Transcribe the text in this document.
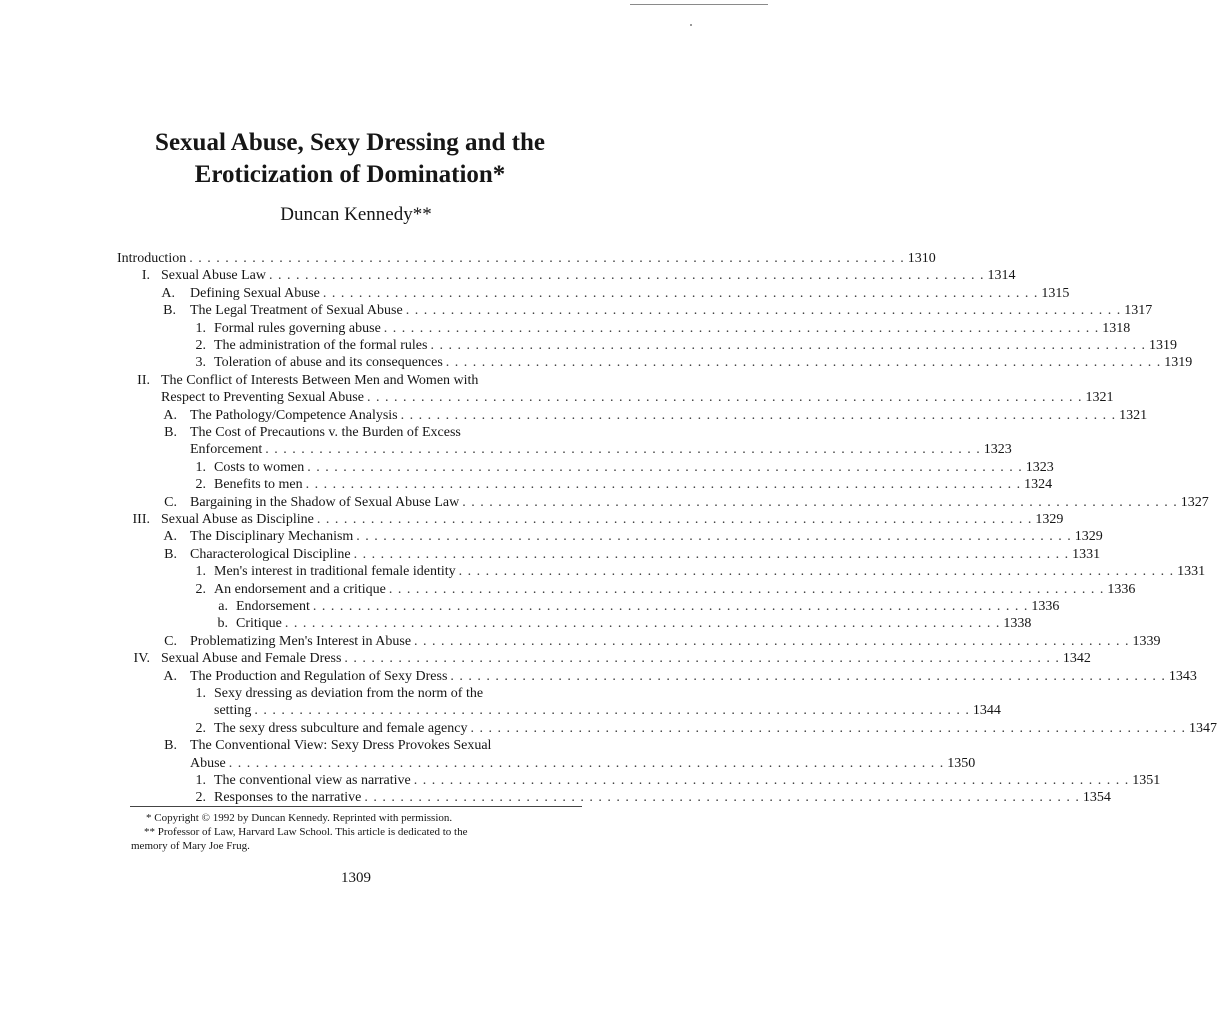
Sexual Abuse, Sexy Dressing and the
Eroticization of Domination*
Duncan Kennedy**
Introduction . . . . . . . . . . . . . . . . . . . . . . . . . . . . . . . . . . . . . . . . . . . . . . . . . . . . . . . . . . . . . . . . . . . . . . . . . . . . . . . . 1310
I. Sexual Abuse Law . . . . . . . . . . . . . . . . . . . . . . . . . . . . . . . . . . . . . . . . . . . . . . . . . . . . . . . . . . . . . . . . . . . . . . . . . . . . . . . . 1314
A. Defining Sexual Abuse . . . . . . . . . . . . . . . . . . . . . . . . . . . . . . . . . . . . . . . . . . . . . . . . . . . . . . . . . . . . . . . . . . . . . . . . . . . . . . . . 1315
B. The Legal Treatment of Sexual Abuse . . . . . . . . . . . . . . . . . . . . . . . . . . . . . . . . . . . . . . . . . . . . . . . . . . . . . . . . . . . . . . . . . . . . . . . . . . . . . . . . 1317
1. Formal rules governing abuse . . . . . . . . . . . . . . . . . . . . . . . . . . . . . . . . . . . . . . . . . . . . . . . . . . . . . . . . . . . . . . . . . . . . . . . . . . . . . . . . 1318
2. The administration of the formal rules . . . . . . . . . . . . . . . . . . . . . . . . . . . . . . . . . . . . . . . . . . . . . . . . . . . . . . . . . . . . . . . . . . . . . . . . . . . . . . . . 1319
3. Toleration of abuse and its consequences . . . . . . . . . . . . . . . . . . . . . . . . . . . . . . . . . . . . . . . . . . . . . . . . . . . . . . . . . . . . . . . . . . . . . . . . . . . . . . . . 1319
II. The Conflict of Interests Between Men and Women with
Respect to Preventing Sexual Abuse . . . . . . . . . . . . . . . . . . . . . . . . . . . . . . . . . . . . . . . . . . . . . . . . . . . . . . . . . . . . . . . . . . . . . . . . . . . . . . . . 1321
A. The Pathology/Competence Analysis . . . . . . . . . . . . . . . . . . . . . . . . . . . . . . . . . . . . . . . . . . . . . . . . . . . . . . . . . . . . . . . . . . . . . . . . . . . . . . . . 1321
B. The Cost of Precautions v. the Burden of Excess
Enforcement . . . . . . . . . . . . . . . . . . . . . . . . . . . . . . . . . . . . . . . . . . . . . . . . . . . . . . . . . . . . . . . . . . . . . . . . . . . . . . . . 1323
1. Costs to women . . . . . . . . . . . . . . . . . . . . . . . . . . . . . . . . . . . . . . . . . . . . . . . . . . . . . . . . . . . . . . . . . . . . . . . . . . . . . . . . 1323
2. Benefits to men . . . . . . . . . . . . . . . . . . . . . . . . . . . . . . . . . . . . . . . . . . . . . . . . . . . . . . . . . . . . . . . . . . . . . . . . . . . . . . . . 1324
C. Bargaining in the Shadow of Sexual Abuse Law . . . . . . . . . . . . . . . . . . . . . . . . . . . . . . . . . . . . . . . . . . . . . . . . . . . . . . . . . . . . . . . . . . . . . . . . . . . . . . . . 1327
III. Sexual Abuse as Discipline . . . . . . . . . . . . . . . . . . . . . . . . . . . . . . . . . . . . . . . . . . . . . . . . . . . . . . . . . . . . . . . . . . . . . . . . . . . . . . . . 1329
A. The Disciplinary Mechanism . . . . . . . . . . . . . . . . . . . . . . . . . . . . . . . . . . . . . . . . . . . . . . . . . . . . . . . . . . . . . . . . . . . . . . . . . . . . . . . . 1329
B. Characterological Discipline . . . . . . . . . . . . . . . . . . . . . . . . . . . . . . . . . . . . . . . . . . . . . . . . . . . . . . . . . . . . . . . . . . . . . . . . . . . . . . . . 1331
1. Men's interest in traditional female identity . . . . . . . . . . . . . . . . . . . . . . . . . . . . . . . . . . . . . . . . . . . . . . . . . . . . . . . . . . . . . . . . . . . . . . . . . . . . . . . . 1331
2. An endorsement and a critique . . . . . . . . . . . . . . . . . . . . . . . . . . . . . . . . . . . . . . . . . . . . . . . . . . . . . . . . . . . . . . . . . . . . . . . . . . . . . . . . 1336
a. Endorsement . . . . . . . . . . . . . . . . . . . . . . . . . . . . . . . . . . . . . . . . . . . . . . . . . . . . . . . . . . . . . . . . . . . . . . . . . . . . . . . . 1336
b. Critique . . . . . . . . . . . . . . . . . . . . . . . . . . . . . . . . . . . . . . . . . . . . . . . . . . . . . . . . . . . . . . . . . . . . . . . . . . . . . . . . 1338
C. Problematizing Men's Interest in Abuse . . . . . . . . . . . . . . . . . . . . . . . . . . . . . . . . . . . . . . . . . . . . . . . . . . . . . . . . . . . . . . . . . . . . . . . . . . . . . . . . 1339
IV. Sexual Abuse and Female Dress . . . . . . . . . . . . . . . . . . . . . . . . . . . . . . . . . . . . . . . . . . . . . . . . . . . . . . . . . . . . . . . . . . . . . . . . . . . . . . . . 1342
A. The Production and Regulation of Sexy Dress . . . . . . . . . . . . . . . . . . . . . . . . . . . . . . . . . . . . . . . . . . . . . . . . . . . . . . . . . . . . . . . . . . . . . . . . . . . . . . . . 1343
1. Sexy dressing as deviation from the norm of the
setting . . . . . . . . . . . . . . . . . . . . . . . . . . . . . . . . . . . . . . . . . . . . . . . . . . . . . . . . . . . . . . . . . . . . . . . . . . . . . . . . 1344
2. The sexy dress subculture and female agency . . . . . . . . . . . . . . . . . . . . . . . . . . . . . . . . . . . . . . . . . . . . . . . . . . . . . . . . . . . . . . . . . . . . . . . . . . . . . . . . 1347
B. The Conventional View: Sexy Dress Provokes Sexual
Abuse . . . . . . . . . . . . . . . . . . . . . . . . . . . . . . . . . . . . . . . . . . . . . . . . . . . . . . . . . . . . . . . . . . . . . . . . . . . . . . . . 1350
1. The conventional view as narrative . . . . . . . . . . . . . . . . . . . . . . . . . . . . . . . . . . . . . . . . . . . . . . . . . . . . . . . . . . . . . . . . . . . . . . . . . . . . . . . . 1351
2. Responses to the narrative . . . . . . . . . . . . . . . . . . . . . . . . . . . . . . . . . . . . . . . . . . . . . . . . . . . . . . . . . . . . . . . . . . . . . . . . . . . . . . . . 1354
* Copyright © 1992 by Duncan Kennedy. Reprinted with permission.
** Professor of Law, Harvard Law School. This article is dedicated to the
memory of Mary Joe Frug.
1309
